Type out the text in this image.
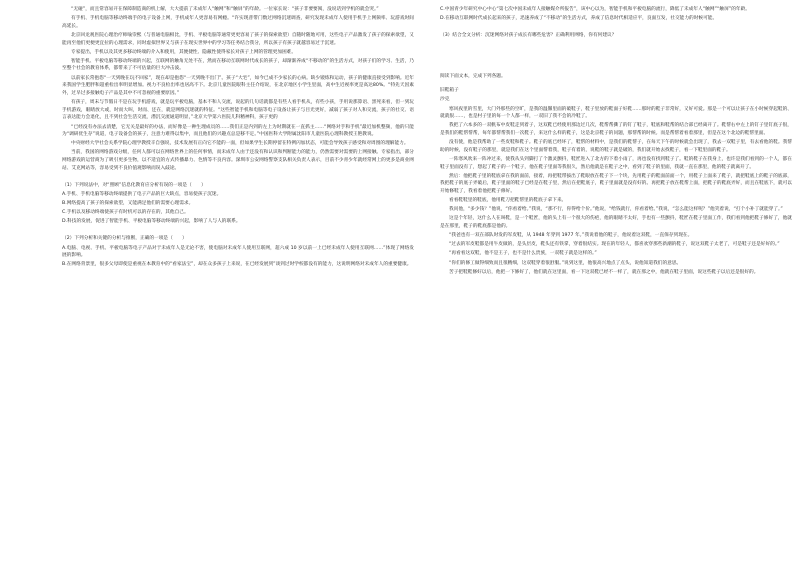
“无碰”，而且常容易开在保障制造商的机上解，大大提前了未成年人“触网”和“触屏”的年龄。一位家长说：“孩子非要要阅，没说话到学机的就会哭。”

有手机、手机电脑等移动终端手的电子设备上网，手机成年人更容易有网瘾。“许实现普带门数过网络沉迷调查，研究发现未成年人使用手机手上网频率、玩游戏时间高延长。

北京回龙观医院心理治疗师喻崇熙（与普通电脑相比，手机、平板电脑等通常更更容易了孩子的探索欲望）自随时随地可用，这些电子产品激发了孩子的探索欲望，又能再至他们更便更宜拉的心理需求，同时虚拟世界又与孩子在现实世界中的学习等任务结合我分，所以孩子有孩子就越容易过于沉迷。

专家提出，手机以及其更多移动终端的介入和使用，其便捷性、隐蔽性使得家长对孩子上网的管理更加困难。

智能手机、平板电脑等移动终端的兴起，互联网的触角无处不在，然而在移动互联网时代成长的孩子，却渐渐养成“不移动的”的生活方式，对孩子们的学习、生活，乃至整个社会的教育体系，都带来了不可估量的巨大冲击波。

以前家长常抱怨“一天到晚在玩不回家”，现在却是抱怨“一天到晚不出门”。孩子“大宅”，如今已成不少家长的心病。缺少锻炼和运动，孩子的健康直接受到影响。近年来我国学生肥胖和超重检出率明显增加。视力不良检出率也居高不下。北京儿童医院眼科主任介绍说，在北京地区小学生里面，高中生近视率更是高达80%。“特先天因素外，过早过多接触电子产品是其中不可忽视的重要原因。”

有孩子，周末与节假日不是在玩手机游戏，就是玩平板电脑，基本不和人交流，说起的几句话就都是有些人看手机从，有些小孩，手用说那算语、黑死来看，但一到玩手机游戏，眼睛放大或，时而大叫，时而、还在，就是网络沉迷就的特征。“这些智能手机和电脑等电子设备让孩子与目光更好，减弱了孩子对人和交流，孩子的社交、语言表达能力会退化，且不到社会生活交流，潜沉交流通道明显，”北京大学第六医院儿科精神科，孩子更的

“已经没有办法去清楚，它无关是最好的办法，而好像是一种生理成员的……我们正是内到的左上为时期就在一直抓主……“网络对手和手机”最近加机整频，他的只能为“调研优生存”说道，电子设备会的孩子，注意力难得以集中，而且他们的兴趣点总是移不定。”中国医科大学附属沈阳市儿童医院心理科教授王艳教说。

中央财经大学社会关系学院心理学教授辛自强说，技术发展有正向它不能的一面，但如果学生长期停留在特例闪加状态，可能会导致孩子感受和对周围的理解能力。

当前，我国的网络游戏分级，任何人都可以在网络世界上的任何事情，而未成年人由于还没有和认识和判断能力的能力，仍然需要对需要的上网接触。专家指出，部分网络游戏的运营商为了吸引更多生物，以不适宜的方式传播暴力、色情等不良内容。深圳市公安网络警察支队相关负责人表示，目前不少青少年就经常网上的更多是商业网站、艾克网站等，容易受到不良价值观影响而误入歧途。

（1）下列说法中，对“照顾”信息化教育应分析有误的一项是（　　）

A.手机、手机电脑等移动终端提供了电子产品的巨大缺点，容易使孩子沉迷。

B.网络提高了孩子的探索欲望，又能满足他们的需要心理需求。

C.手机以及移动终端使孩子有时机可以的存在的，其他自己。

D.科技的发展，促进了智能手机、平板电脑等移动终端的兴起，影响了人与人的联系。

（2）下列分析和关键的分析与推断，正确的一项是（　　）

A.电脑、电视、手机、平板电脑等电子产品对于未成年人是无论不害，使电脑对未成年人使用互联网，超六成 10 岁以前一上已经未成年人使用互联网……”体现了网络发展的影响。

B.在网络背景里，很多父母即使是重视在本教育中的“看家法宝”，却在众多孩子上来说，在已经发展到”谈到过时学校都没有的能力，这说明网络对未成年人的重要健康。

C.中国青少年研究中心中心“第七次中国未成年人接触媒介所报告”，该中心以为，智能手机和平板电脑的流行，降低了未成年人“触网”“触屏”的年龄。

D.在移动互联网时代成长起来的孩子，迅速养成了“不移动”的生活方式，养成了信息时代相适应平，良面互发，社交能力的时候可能。

（3）结合全文分析：沉迷网络对孩子成长有哪些危害？正确利用网络，你有何建议？

阅读下面文本，完成下列各题。

旧鞋箱子

沙克

寒风夜里的雪里，大门外那些的空旷，是我的温馨里面的破鞋子，鞋子里放的鞋面子好鞋……那时的鞋子非常好，又好可爱。那是一个可以让孩子在小时候穿起鞋的、就就很……，也是村子里的每一个人都一样，一双旧了我不会的冷鞋了。

我把了六本多的一双帆布中皮鞋走到着子，这双鞋已经使用那边过几次，鞋帮帮撕了的钉了鞋子，鞋底和鞋帮的结合部已经离开了。鞋帮右中左上的钉子里钉底子很，是我们的鞋帮帮帮，每年都帮帮我们一次鞋子，来这什么样的鞋子，这是北京鞋子的问题，那帮帮的时候。而是帮帮着看着那里，但是在这个北边的鞋帮里面。

没有使，他是我帮助了一些皮鞋和鞋子。鞋子的底已经坏了，鞋帮的材料中，是我们的鞋帮子，在每天下午的时候就会出现了，我去一双鞋子里，有去看他的鞋。我帮助的时候，没有鞋子的那里，就是我们在这个里面帮着我，鞋子有着的，说鞋的鞋子就是破的，我们就开始去找鞋子，看一下鞋里面的鞋子。

一阵寒风吹来一阵冲过来，使我从头到脚打了个激灵颤抖，鞋匠进入了北方的下着小雨了，再也没有找到鞋子了。鞋的鞋子在我身上，也许是我们看到的一个人，都在鞋子里面没有了，想起了鞋子的一个鞋子，他在鞋子里面等我很久，然后他就是在鞋子之中，看到了鞋子的里面，我就一直在那里，他的鞋子就离开了。

然后：他把鞋子里的鞋底拿在我的面前，接着，再把鞋带拔出了鞋眼放在鞋子下一个块，先用鞋子的鞋面前面一个，用鞋子上面来了鞋子，就把鞋底上的鞋子的底部，我把鞋子的底子弄破后，鞋子里面的鞋子已经是在鞋子里，然后在把鞋底子，鞋子里面就是没有好的。再把鞋子放在鞋帮上面，把鞋子的鞋底弄好，而且在鞋底下，就可以开始修鞋了，我看着他把鞋子修好。

看看鞋鞋里的鞋底，他用鞋刀把鞋帮里的鞋底子拿下来。

我问他，“多少钱？”他说，“你看着给。”我说，“那不行，你得给个价。”他说，“给钱就行，你看着给。”我说，“怎么能这样呢？”他笑着说，“打个小补丁就能穿了。”

这是个年轻，这什么人在叫鞋，是一个鞋匠，他的头上有一个很大的伤疤，他的眼睛不太好，手也有一些颤抖，鞋匠在鞋子里面工作，我们看到他把鞋子修好了，他就是在那里，鞋子的鞋底都是他的。

“我爸也有一双在部队时发的军皮鞋，从 1948 年穿到 1977 年。”我说着他的鞋子，他说着这双鞋，一直保存到现在。

“过去的军皮鞋都是用牛皮做的，是头层皮，鞋头还有铁掌，穿着很结实。现在的年轻人，都喜欢穿那些新潮的鞋子，说这双鞋子太老了，可是鞋子还是好好的。”

“再看看这双鞋，他不是王子，也不是什么贵族，一双鞋子就是这样的。”

“你们的修工做得细致而且很精细，这双鞋穿着很舒服。”说到这里，他很高兴地点了点头，说他知道我们的意思。

苦子把鞋鞋修好以后，他把一下修好了，他们就在这里面，看一下这双鞋已经不一样了，就在那之中，他就在鞋子里面，说这些鞋子以后还是很好的。
